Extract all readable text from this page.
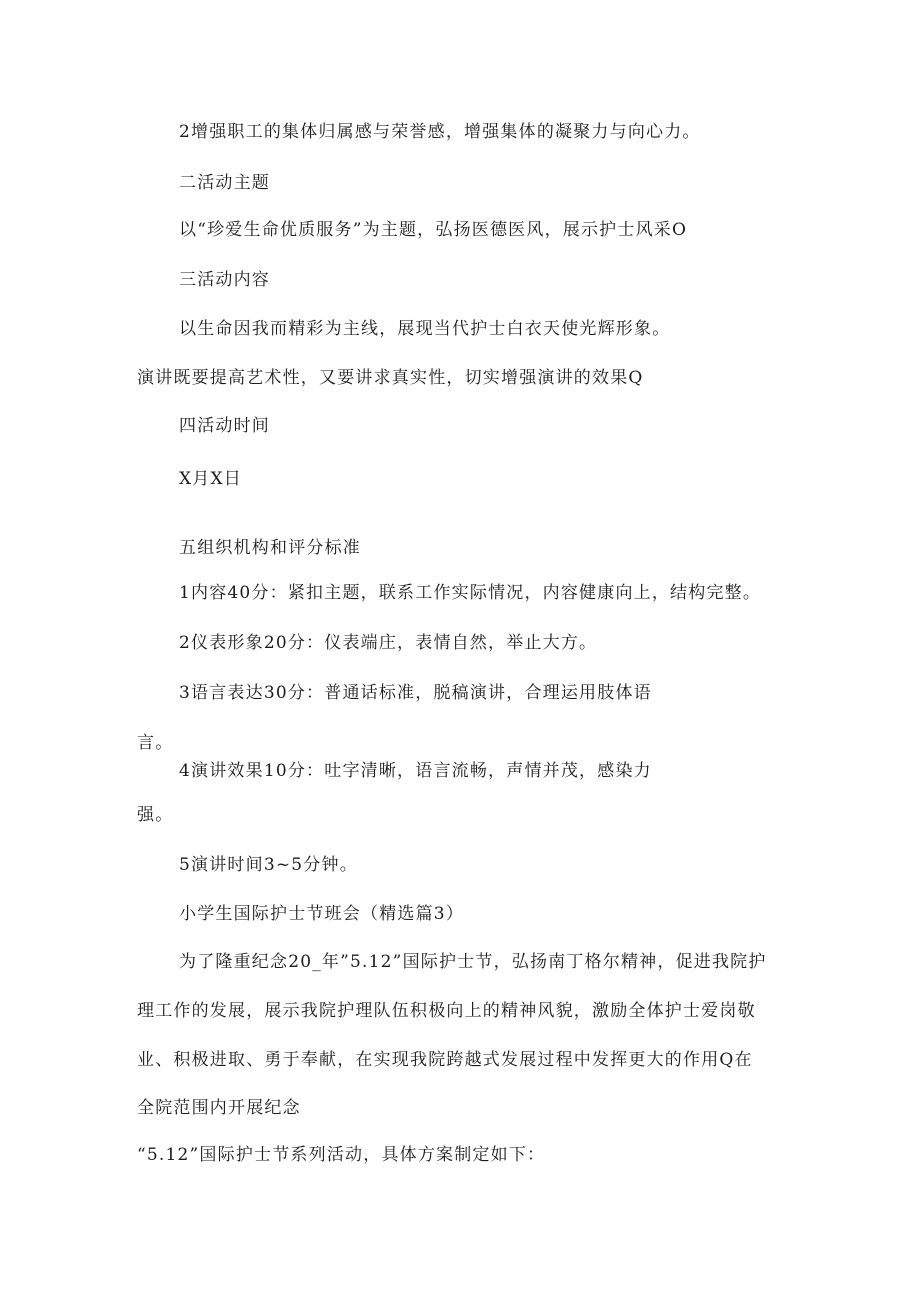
2增强职工的集体归属感与荣誉感，增强集体的凝聚力与向心力。
二活动主题
以“珍爱生命优质服务”为主题，弘扬医德医风，展示护士风采O
三活动内容
以生命因我而精彩为主线，展现当代护士白衣天使光辉形象。
演讲既要提高艺术性，又要讲求真实性，切实增强演讲的效果Q
四活动时间
X月X日
五组织机构和评分标准
1内容40分：紧扣主题，联系工作实际情况，内容健康向上，结构完整。
2仪表形象20分：仪表端庄，表情自然，举止大方。
3语言表达30分：普通话标准，脱稿演讲，合理运用肢体语
言。
4演讲效果10分：吐字清晰，语言流畅，声情并茂，感染力
强。
5演讲时间3~5分钟。
小学生国际护士节班会（精选篇3）
为了隆重纪念20_年”5.12”国际护士节，弘扬南丁格尔精神，促进我院护
理工作的发展，展示我院护理队伍积极向上的精神风貌，激励全体护士爱岗敬
业、积极进取、勇于奉献，在实现我院跨越式发展过程中发挥更大的作用Q在
全院范围内开展纪念
“5.12”国际护士节系列活动，具体方案制定如下：
